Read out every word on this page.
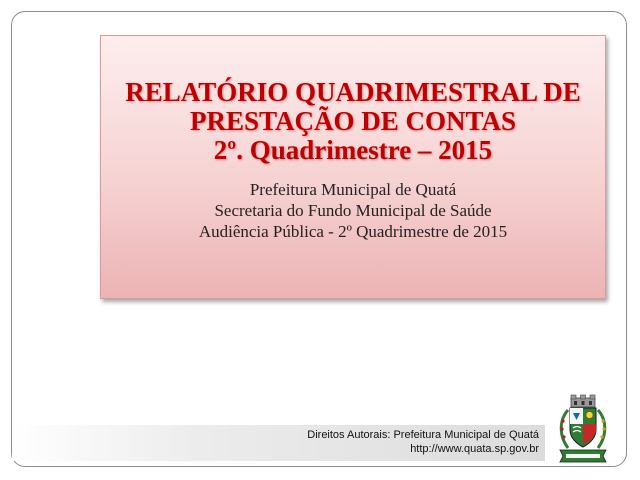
RELATÓRIO QUADRIMESTRAL DE
PRESTAÇÃO DE CONTAS
2º. Quadrimestre – 2015
Prefeitura Municipal de Quatá
Secretaria do Fundo Municipal de Saúde
Audiência Pública - 2º Quadrimestre de 2015
Direitos Autorais: Prefeitura Municipal de Quatá
http://www.quata.sp.gov.br
